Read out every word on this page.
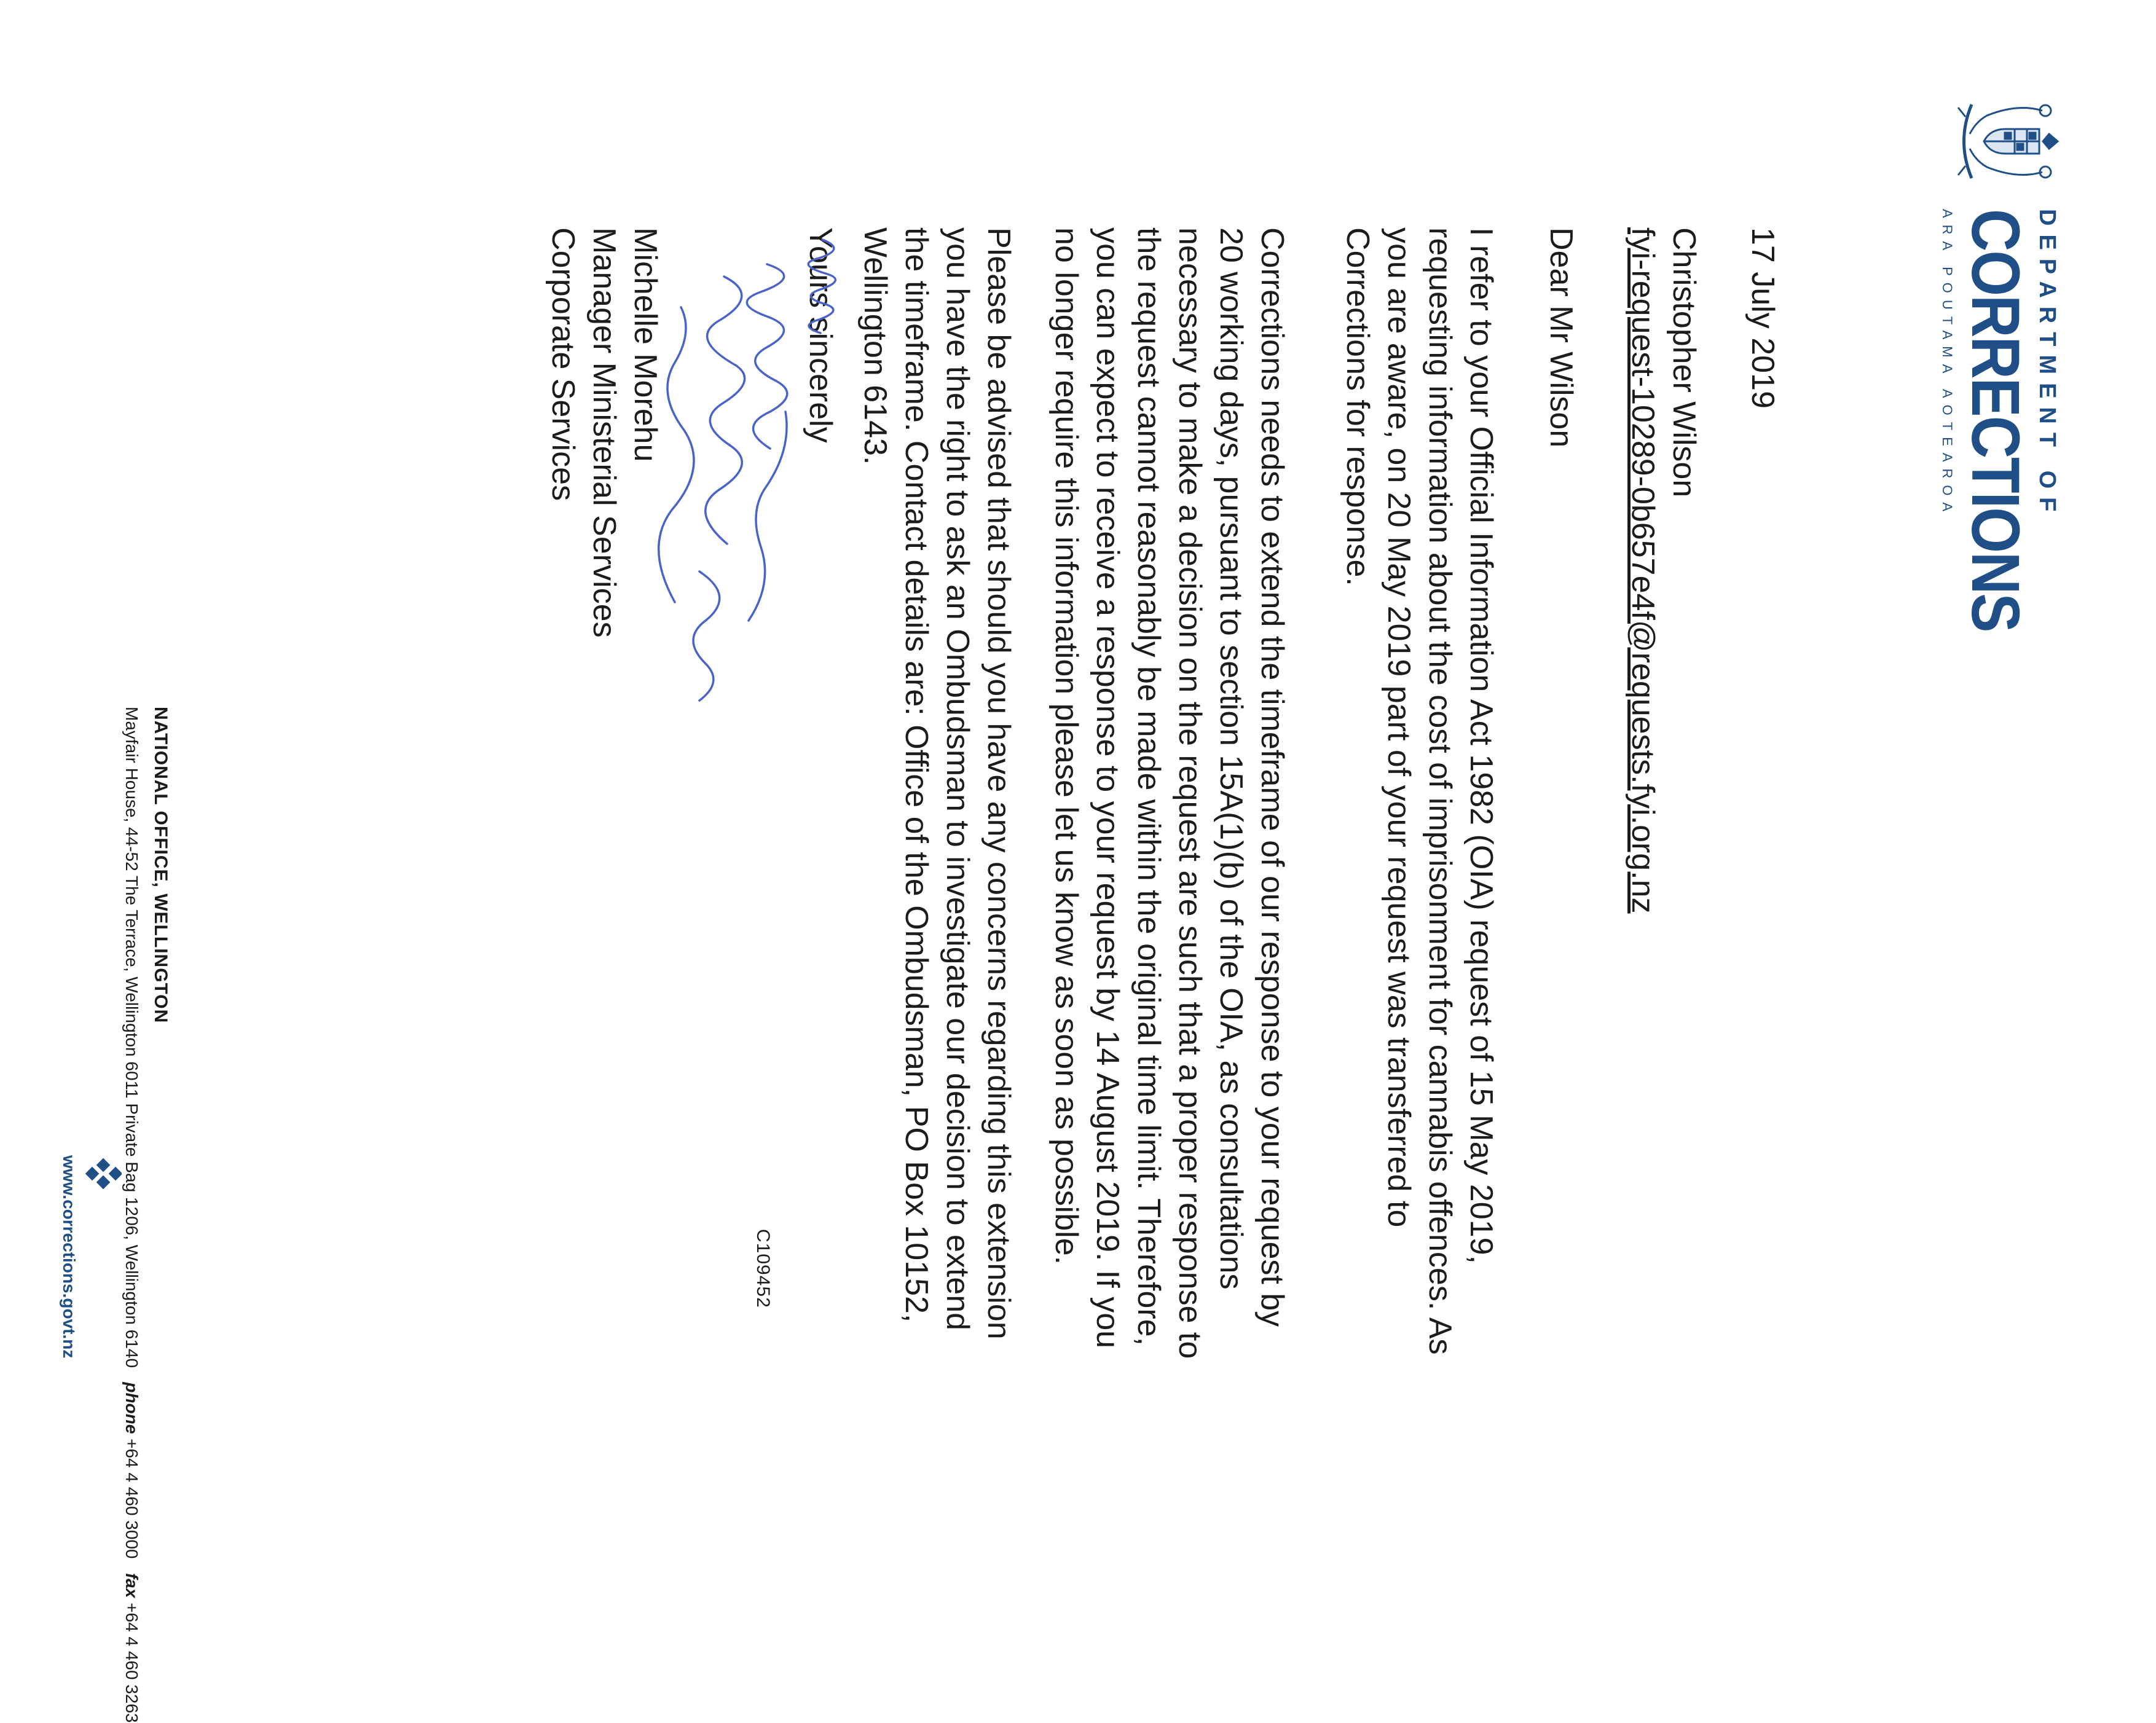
C109452
DEPARTMENT OF
CORRECTIONS
ARA POUTAMA AOTEAROA
17 July 2019
Christopher Wilson
fyi-request-10289-0b657e4f@requests.fyi.org.nz
Dear Mr Wilson

I refer to your Official Information Act 1982 (OIA) request of 15 May 2019,

requesting information about the cost of imprisonment for cannabis offences. As

you are aware, on 20 May 2019 part of your request was transferred to

Corrections for response.

Corrections needs to extend the timeframe of our response to your request by

20 working days, pursuant to section 15A(1)(b) of the OIA, as consultations

necessary to make a decision on the request are such that a proper response to

the request cannot reasonably be made within the original time limit. Therefore,

you can expect to receive a response to your request by 14 August 2019. If you

no longer require this information please let us know as soon as possible.

Please be advised that should you have any concerns regarding this extension

you have the right to ask an Ombudsman to investigate our decision to extend

the timeframe. Contact details are: Office of the Ombudsman, PO Box 10152,

Wellington 6143.

Yours sincerely
Michelle Morehu
Manager Ministerial Services
Corporate Services
NATIONAL OFFICE, WELLINGTON
Mayfair House, 44-52 The Terrace, Wellington 6011 Private Bag 1206, Wellington 6140   phone +64 4 460 3000   fax +64 4 460 3263
www.corrections.govt.nz
